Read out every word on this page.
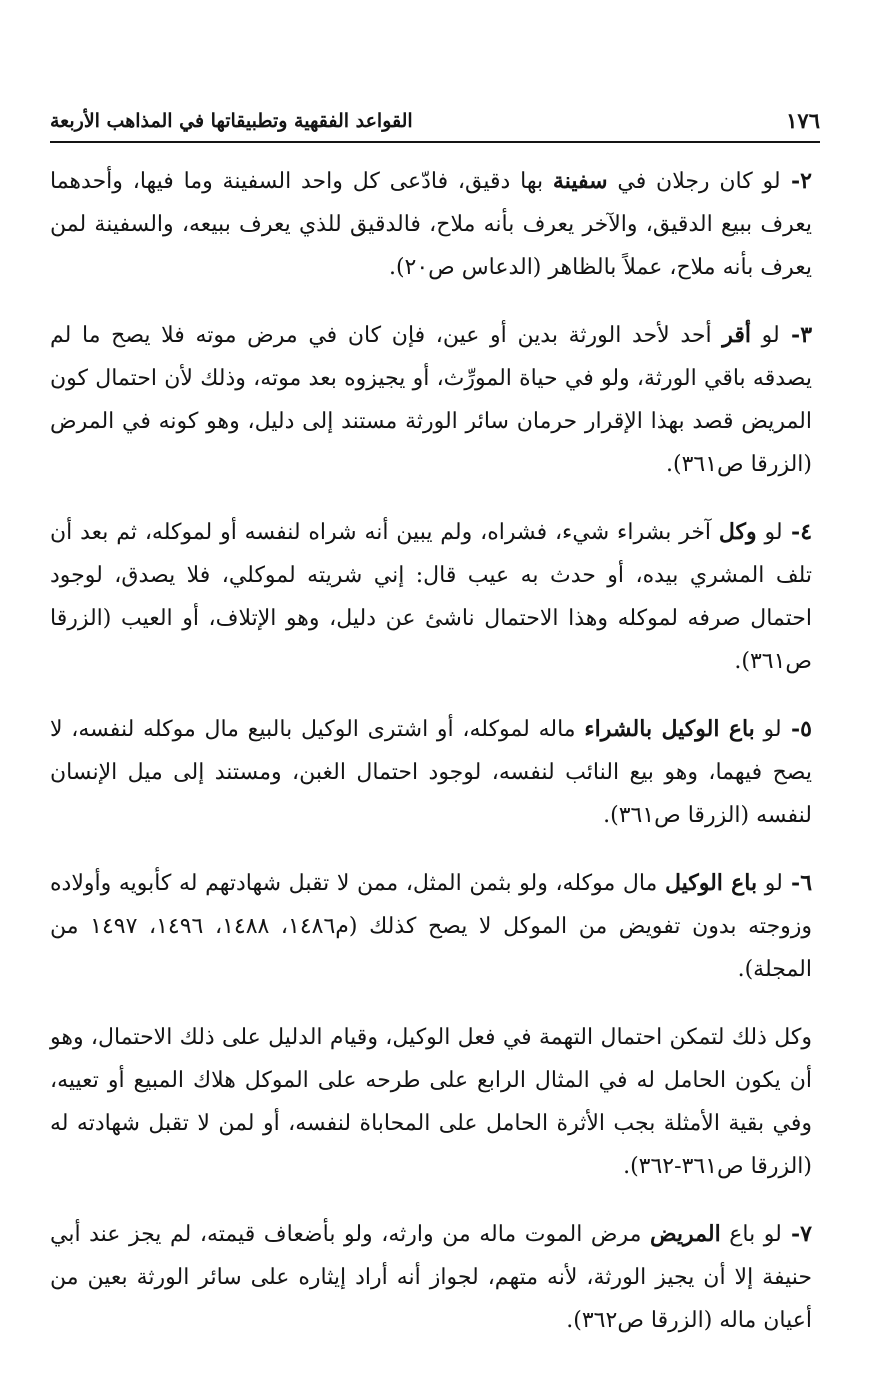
١٧٦
القواعد الفقهية وتطبيقاتها في المذاهب الأربعة

٢- لو كان رجلان في سفينة بها دقيق، فادّعى كل واحد السفينة وما فيها، وأحدهما يعرف ببيع الدقيق، والآخر يعرف بأنه ملاح، فالدقيق للذي يعرف ببيعه، والسفينة لمن يعرف بأنه ملاح، عملاً بالظاهر (الدعاس ص٢٠).

٣- لو أقر أحد لأحد الورثة بدين أو عين، فإن كان في مرض موته فلا يصح ما لم يصدقه باقي الورثة، ولو في حياة المورِّث، أو يجيزوه بعد موته، وذلك لأن احتمال كون المريض قصد بهذا الإقرار حرمان سائر الورثة مستند إلى دليل، وهو كونه في المرض (الزرقا ص٣٦١).

٤- لو وكل آخر بشراء شيء، فشراه، ولم يبين أنه شراه لنفسه أو لموكله، ثم بعد أن تلف المشري بيده، أو حدث به عيب قال: إني شريته لموكلي، فلا يصدق، لوجود احتمال صرفه لموكله وهذا الاحتمال ناشئ عن دليل، وهو الإتلاف، أو العيب (الزرقا ص٣٦١).

٥- لو باع الوكيل بالشراء ماله لموكله، أو اشترى الوكيل بالبيع مال موكله لنفسه، لا يصح فيهما، وهو بيع النائب لنفسه، لوجود احتمال الغبن، ومستند إلى ميل الإنسان لنفسه (الزرقا ص٣٦١).

٦- لو باع الوكيل مال موكله، ولو بثمن المثل، ممن لا تقبل شهادتهم له كأبويه وأولاده وزوجته بدون تفويض من الموكل لا يصح كذلك (م١٤٨٦، ١٤٨٨، ١٤٩٦، ١٤٩٧ من المجلة).

وكل ذلك لتمكن احتمال التهمة في فعل الوكيل، وقيام الدليل على ذلك الاحتمال، وهو أن يكون الحامل له في المثال الرابع على طرحه على الموكل هلاك المبيع أو تعييه، وفي بقية الأمثلة بجب الأثرة الحامل على المحاباة لنفسه، أو لمن لا تقبل شهادته له (الزرقا ص٣٦١-٣٦٢).

٧- لو باع المريض مرض الموت ماله من وارثه، ولو بأضعاف قيمته، لم يجز عند أبي حنيفة إلا أن يجيز الورثة، لأنه متهم، لجواز أنه أراد إيثاره على سائر الورثة بعين من أعيان ماله (الزرقا ص٣٦٢).
